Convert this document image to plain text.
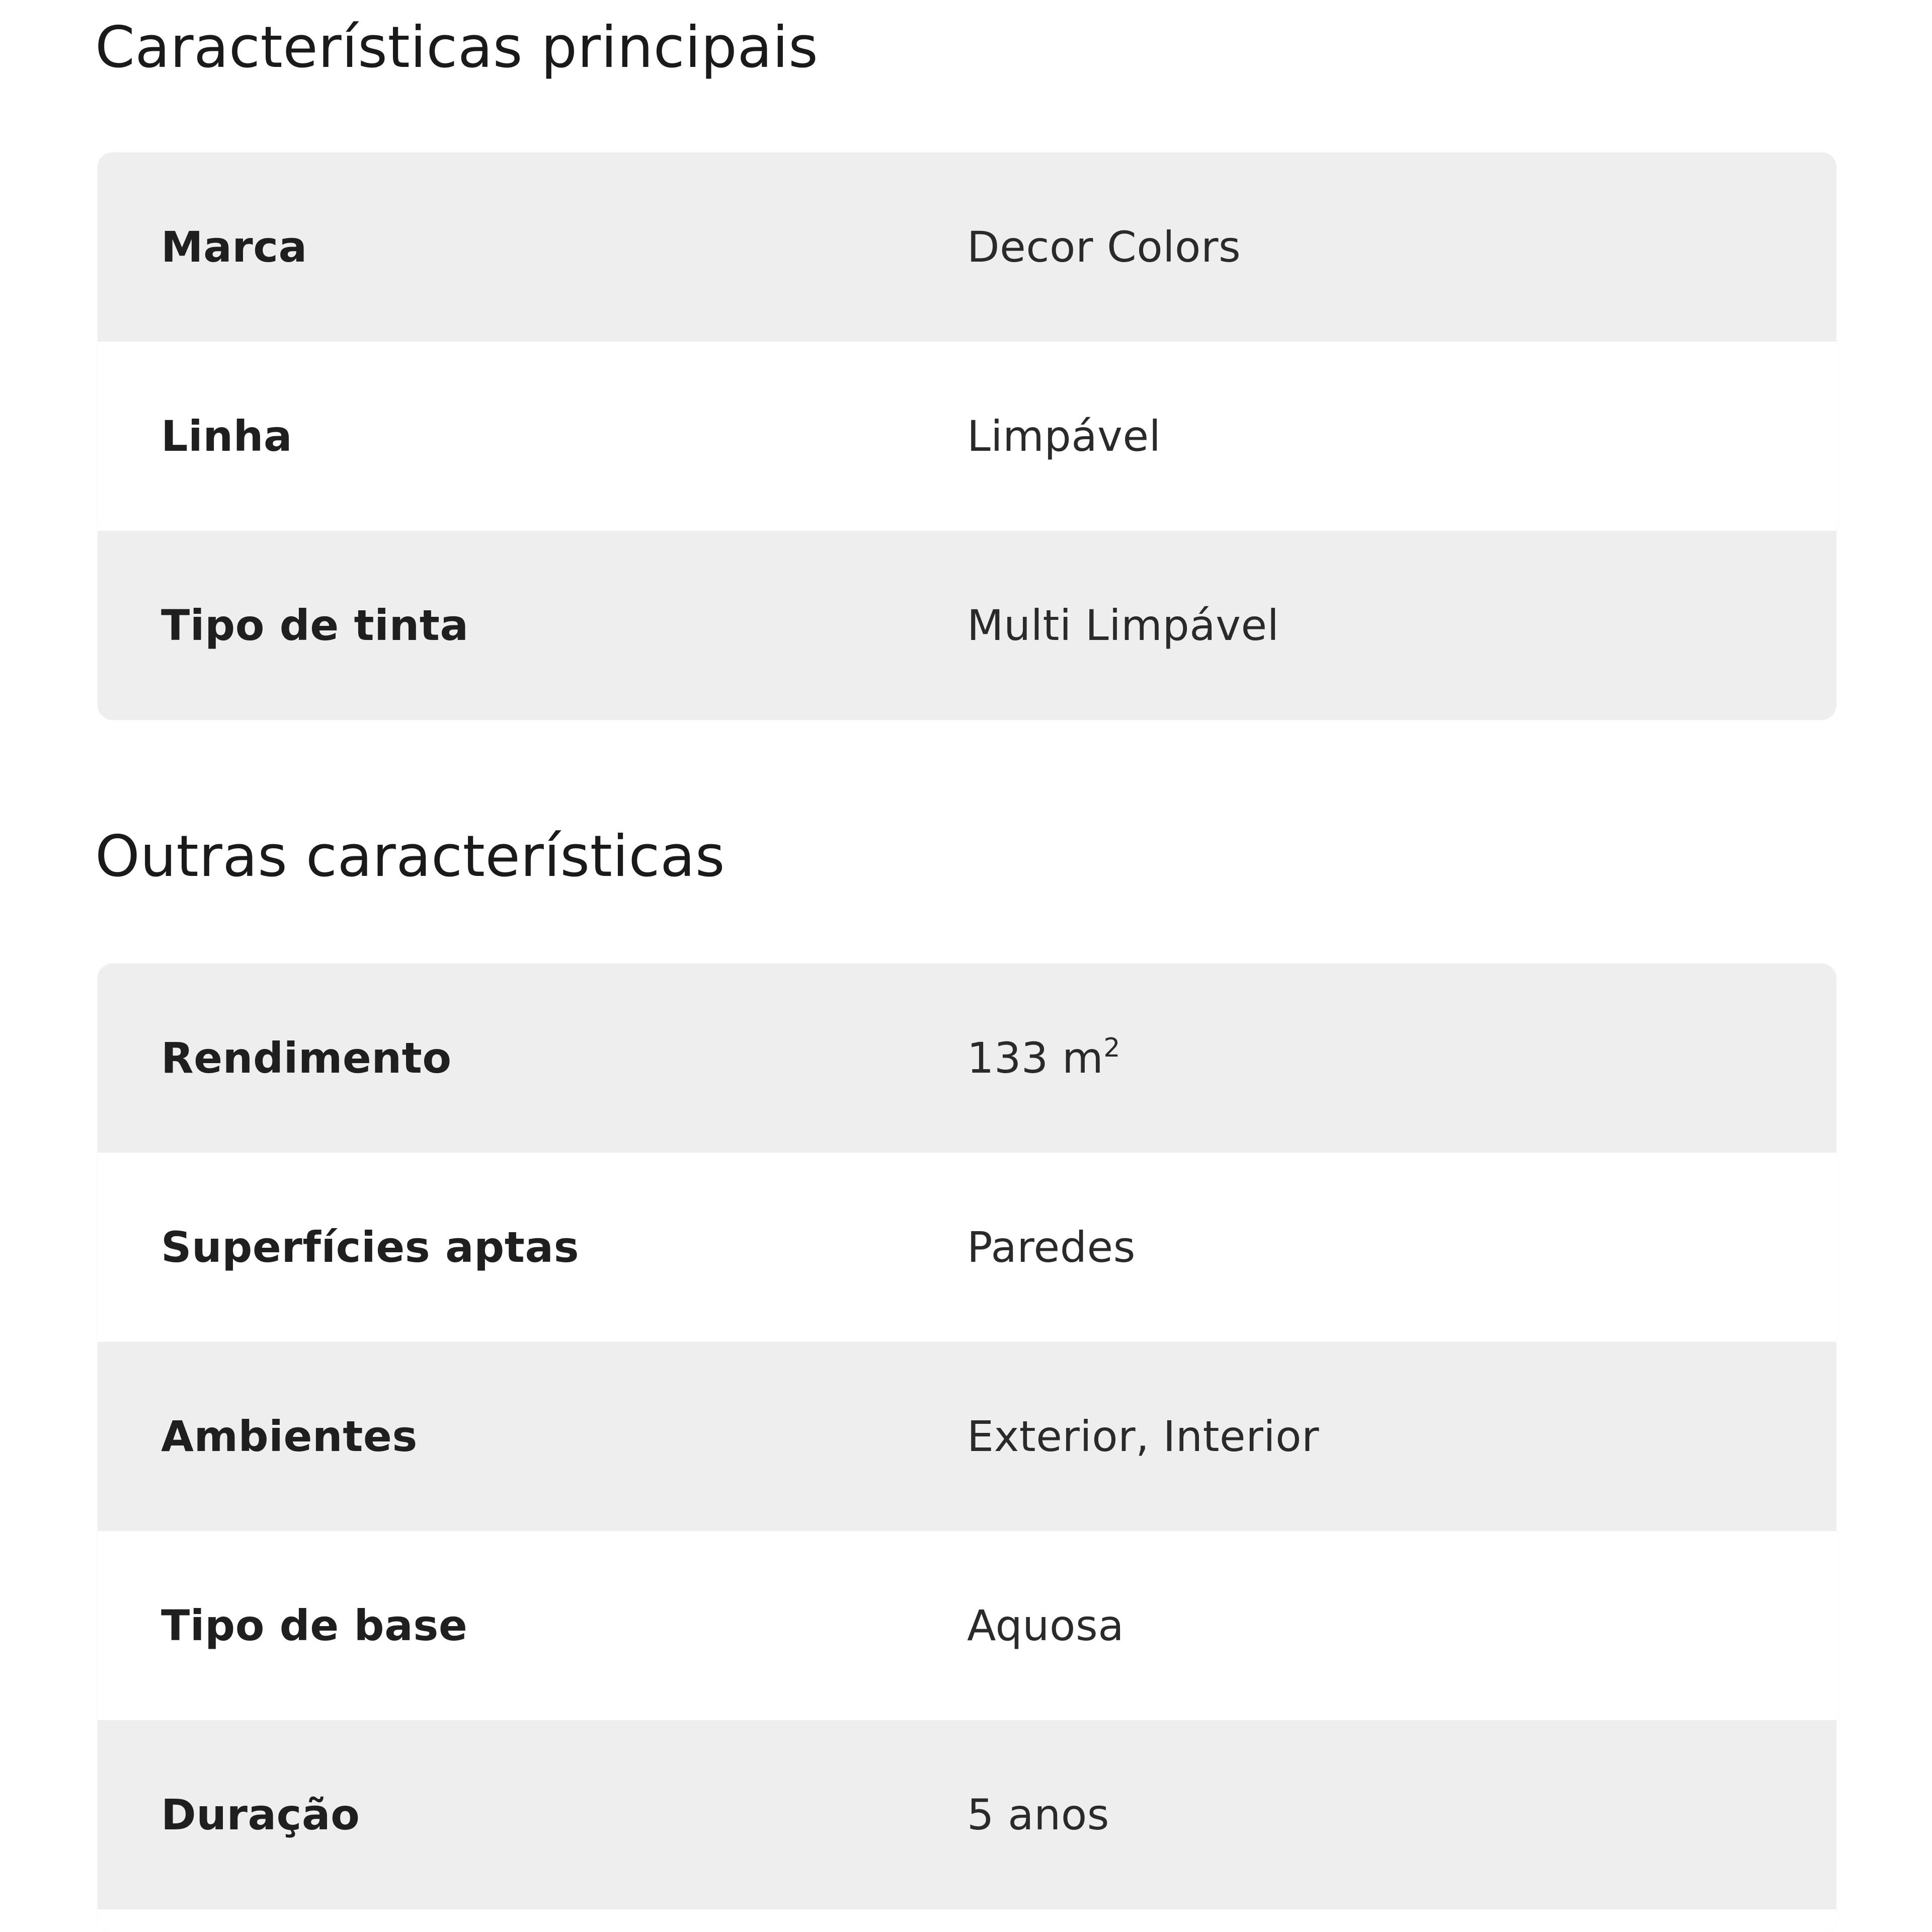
Características principais
Marca	Decor Colors
Linha	Limpável
Tipo de tinta	Multi Limpável
Outras características
Rendimento	133 $m^2$
Superfícies aptas	Paredes
Ambientes	Exterior, Interior
Tipo de base	Aquosa
Duração	5 anos
